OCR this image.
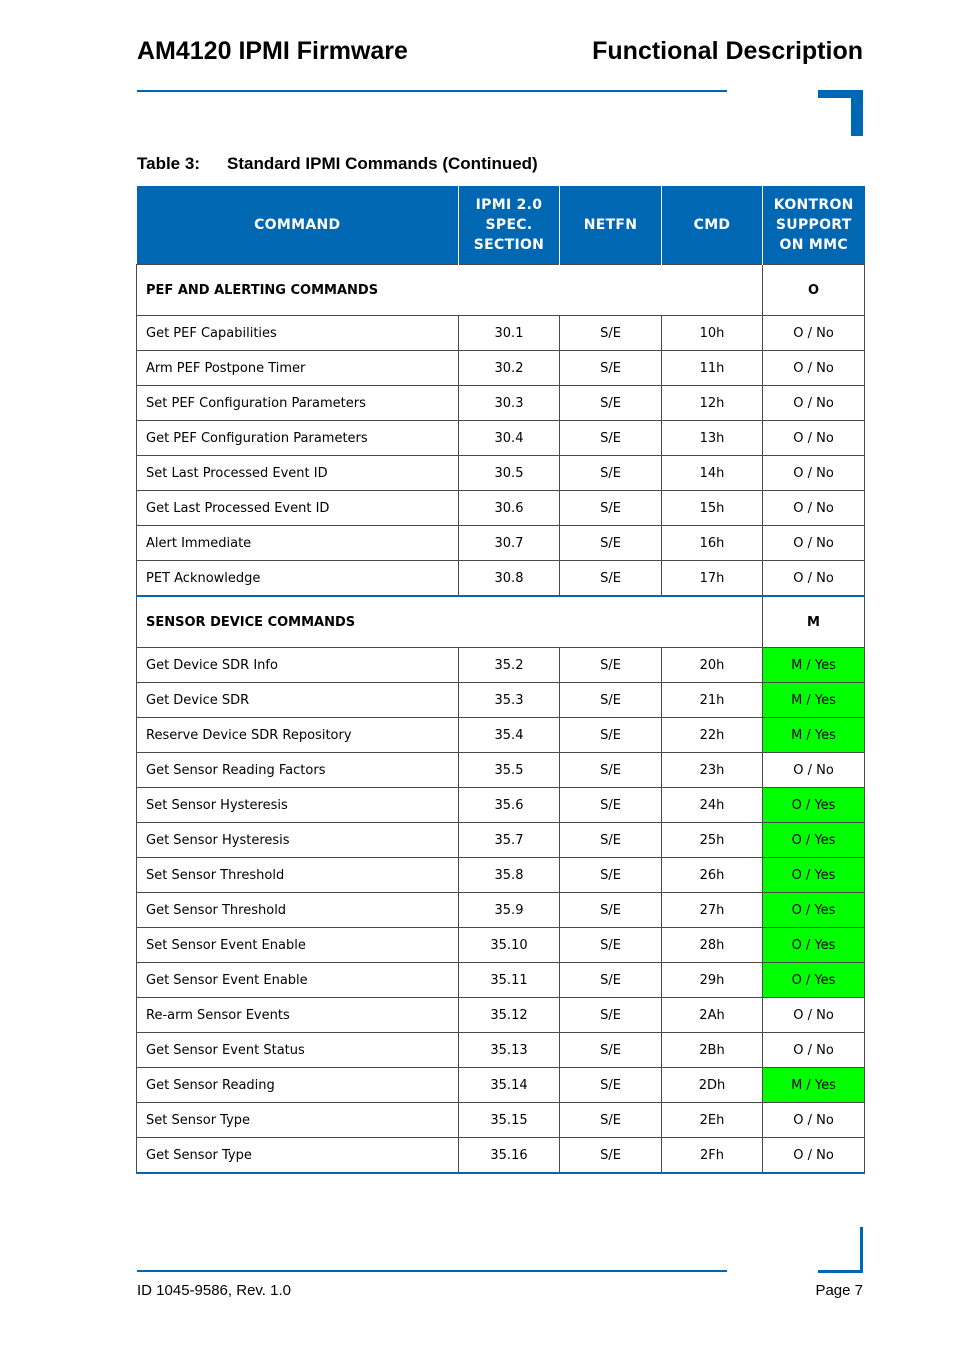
AM4120 IPMI Firmware	Functional Description
Table 3: Standard IPMI Commands (Continued)
COMMAND	IPMI 2.0
SPEC.
SECTION	NETFN	CMD	KONTRON
SUPPORT
ON MMC
PEF AND ALERTING COMMANDS				O
Get PEF Capabilities	30.1	S/E	10h	O / No
Arm PEF Postpone Timer	30.2	S/E	11h	O / No
Set PEF Configuration Parameters	30.3	S/E	12h	O / No
Get PEF Configuration Parameters	30.4	S/E	13h	O / No
Set Last Processed Event ID	30.5	S/E	14h	O / No
Get Last Processed Event ID	30.6	S/E	15h	O / No
Alert Immediate	30.7	S/E	16h	O / No
PET Acknowledge	30.8	S/E	17h	O / No
SENSOR DEVICE COMMANDS				M
Get Device SDR Info	35.2	S/E	20h	M / Yes
Get Device SDR	35.3	S/E	21h	M / Yes
Reserve Device SDR Repository	35.4	S/E	22h	M / Yes
Get Sensor Reading Factors	35.5	S/E	23h	O / No
Set Sensor Hysteresis	35.6	S/E	24h	O / Yes
Get Sensor Hysteresis	35.7	S/E	25h	O / Yes
Set Sensor Threshold	35.8	S/E	26h	O / Yes
Get Sensor Threshold	35.9	S/E	27h	O / Yes
Set Sensor Event Enable	35.10	S/E	28h	O / Yes
Get Sensor Event Enable	35.11	S/E	29h	O / Yes
Re-arm Sensor Events	35.12	S/E	2Ah	O / No
Get Sensor Event Status	35.13	S/E	2Bh	O / No
Get Sensor Reading	35.14	S/E	2Dh	M / Yes
Set Sensor Type	35.15	S/E	2Eh	O / No
Get Sensor Type	35.16	S/E	2Fh	O / No
ID 1045-9586, Rev. 1.0	Page 7
